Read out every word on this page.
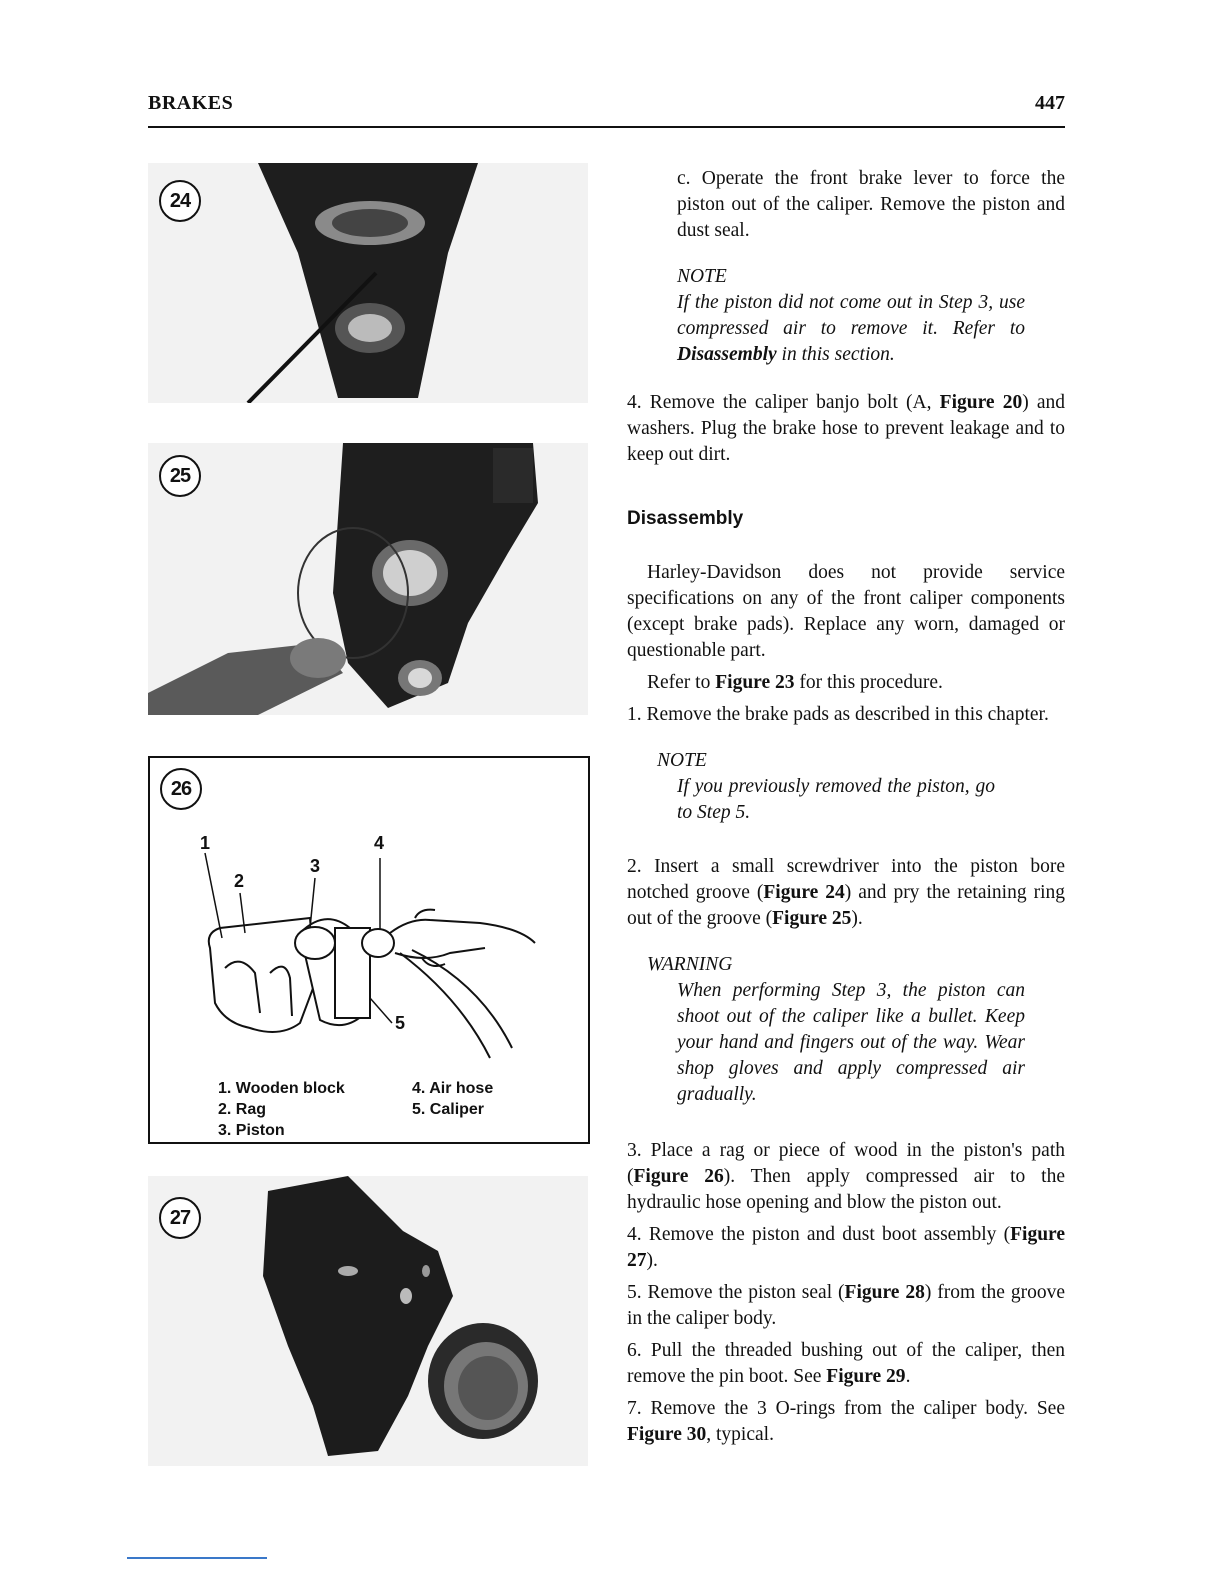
BRAKES	447
24
25
26
1
2
3
4
5
1. Wooden block
2. Rag
3. Piston
4. Air hose
5. Caliper
27

c. Operate the front brake lever to force the piston out of the caliper. Remove the piston and dust seal.

NOTE

If the piston did not come out in Step 3, use compressed air to remove it. Refer to Disassembly in this section.

4. Remove the caliper banjo bolt (A, Figure 20) and washers. Plug the brake hose to prevent leakage and to keep out dirt.

Disassembly

Harley-Davidson does not provide service specifications on any of the front caliper components (except brake pads). Replace any worn, damaged or questionable part.

Refer to Figure 23 for this procedure.

1. Remove the brake pads as described in this chapter.

NOTE

If you previously removed the piston, go to Step 5.

2. Insert a small screwdriver into the piston bore notched groove (Figure 24) and pry the retaining ring out of the groove (Figure 25).

WARNING

When performing Step 3, the piston can shoot out of the caliper like a bullet. Keep your hand and fingers out of the way. Wear shop gloves and apply compressed air gradually.

3. Place a rag or piece of wood in the piston's path (Figure 26). Then apply compressed air to the hydraulic hose opening and blow the piston out.

4. Remove the piston and dust boot assembly (Figure 27).

5. Remove the piston seal (Figure 28) from the groove in the caliper body.

6. Pull the threaded bushing out of the caliper, then remove the pin boot. See Figure 29.

7. Remove the 3 O-rings from the caliper body. See Figure 30, typical.
